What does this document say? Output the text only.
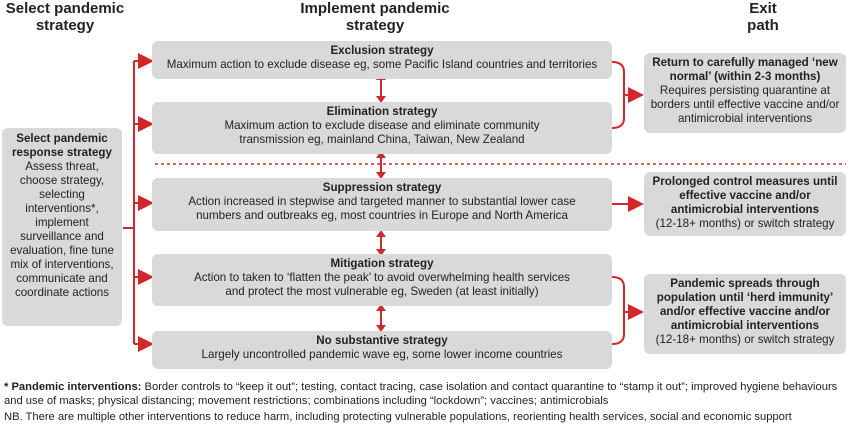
Select pandemic strategy
Implement pandemic strategy
Exit path
Select pandemic response strategy
Assess threat, choose strategy, selecting interventions*, implement surveillance and evaluation, fine tune mix of interventions, communicate and coordinate actions
Exclusion strategy
Maximum action to exclude disease eg, some Pacific Island countries and territories
Elimination strategy
Maximum action to exclude disease and eliminate community transmission eg, mainland China, Taiwan, New Zealand
Suppression strategy
Action increased in stepwise and targeted manner to substantial lower case numbers and outbreaks eg, most countries in Europe and North America
Mitigation strategy
Action to taken to ‘flatten the peak’ to avoid overwhelming health services and protect the most vulnerable eg, Sweden (at least initially)
No substantive strategy
Largely uncontrolled pandemic wave eg, some lower income countries
Return to carefully managed ‘new normal’ (within 2-3 months)
Requires persisting quarantine at borders until effective vaccine and/or antimicrobial interventions
Prolonged control measures until effective vaccine and/or antimicrobial interventions
(12-18+ months) or switch strategy
Pandemic spreads through population until ‘herd immunity’ and/or effective vaccine and/or antimicrobial interventions
(12-18+ months) or switch strategy
* Pandemic interventions: Border controls to “keep it out”; testing, contact tracing, case isolation and contact quarantine to “stamp it out”; improved hygiene behaviours and use of masks; physical distancing; movement restrictions; combinations including “lockdown”; vaccines; antimicrobials
NB. There are multiple other interventions to reduce harm, including protecting vulnerable populations, reorienting health services, social and economic support
